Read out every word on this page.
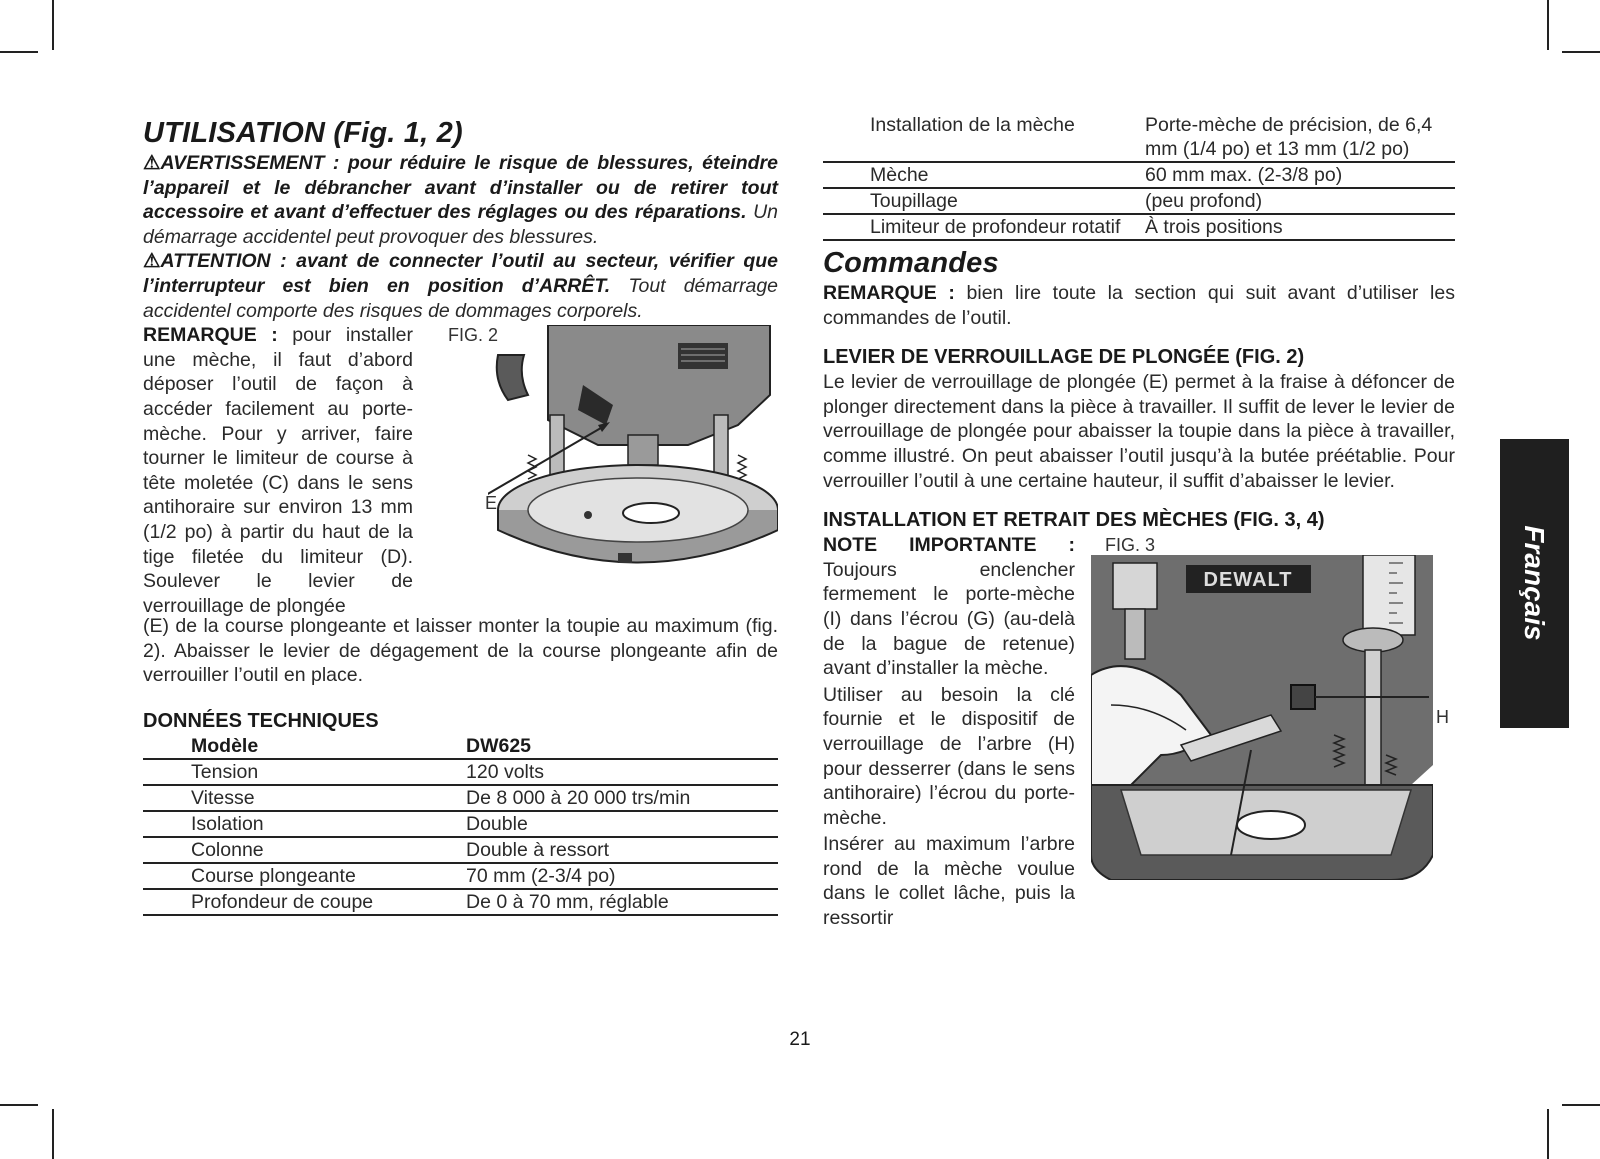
UTILISATION (Fig. 1, 2)

⚠AVERTISSEMENT : pour réduire le risque de blessures, éteindre l’appareil et le débrancher avant d’installer ou de retirer tout accessoire et avant d’effectuer des réglages ou des réparations. Un démarrage accidentel peut provoquer des blessures.

⚠ATTENTION : avant de connecter l’outil au secteur, vérifier que l’interrupteur est bien en position d’ARRÊT. Tout démarrage accidentel comporte des risques de dommages corporels.

REMARQUE : pour installer une mèche, il faut d’abord déposer l’outil de façon à accéder facilement au porte-mèche. Pour y arriver, faire tourner le limiteur de course à tête moletée (C) dans le sens antihoraire sur environ 13 mm (1/2 po) à partir du haut de la tige filetée du limiteur (D). Soulever le levier de verrouillage de plongée

FIG. 2
E

(E) de la course plongeante et laisser monter la toupie au maximum (fig. 2). Abaisser le levier de dégagement de la course plongeante afin de verrouiller l’outil en place.

DONNÉES TECHNIQUES
Modèle	DW625
Tension	120 volts
Vitesse	De 8 000 à 20 000 trs/min
Isolation	Double
Colonne	Double à ressort
Course plongeante	70 mm (2-3/4 po)
Profondeur de coupe	De 0 à 70 mm, réglable
Installation de la mèche	Porte-mèche de précision, de 6,4 mm (1/4 po) et 13 mm (1/2 po)
Mèche	60 mm max. (2-3/8 po)
Toupillage	(peu profond)
Limiteur de profondeur rotatif	À trois positions
Commandes

REMARQUE : bien lire toute la section qui suit avant d’utiliser les commandes de l’outil.

LEVIER DE VERROUILLAGE DE PLONGÉE (FIG. 2)

Le levier de verrouillage de plongée (E) permet à la fraise à défoncer de plonger directement dans la pièce à travailler. Il suffit de lever le levier de verrouillage de plongée pour abaisser la toupie dans la pièce à travailler, comme illustré. On peut abaisser l’outil jusqu’à la butée préétablie. Pour verrouiller l’outil à une certaine hauteur, il suffit d’abaisser le levier.

INSTALLATION ET RETRAIT DES MÈCHES (FIG. 3, 4)

NOTE IMPORTANTE : Toujours enclencher fermement le porte-mèche (I) dans l’écrou (G) (au-delà de la bague de retenue) avant d’installer la mèche.

Utiliser au besoin la clé fournie et le dispositif de verrouillage de l’arbre (H) pour desserrer (dans le sens antihoraire) l’écrou du porte-mèche.

Insérer au maximum l’arbre rond de la mèche voulue dans le collet lâche, puis la ressortir

FIG. 3
H
DEWALT	Français
21
